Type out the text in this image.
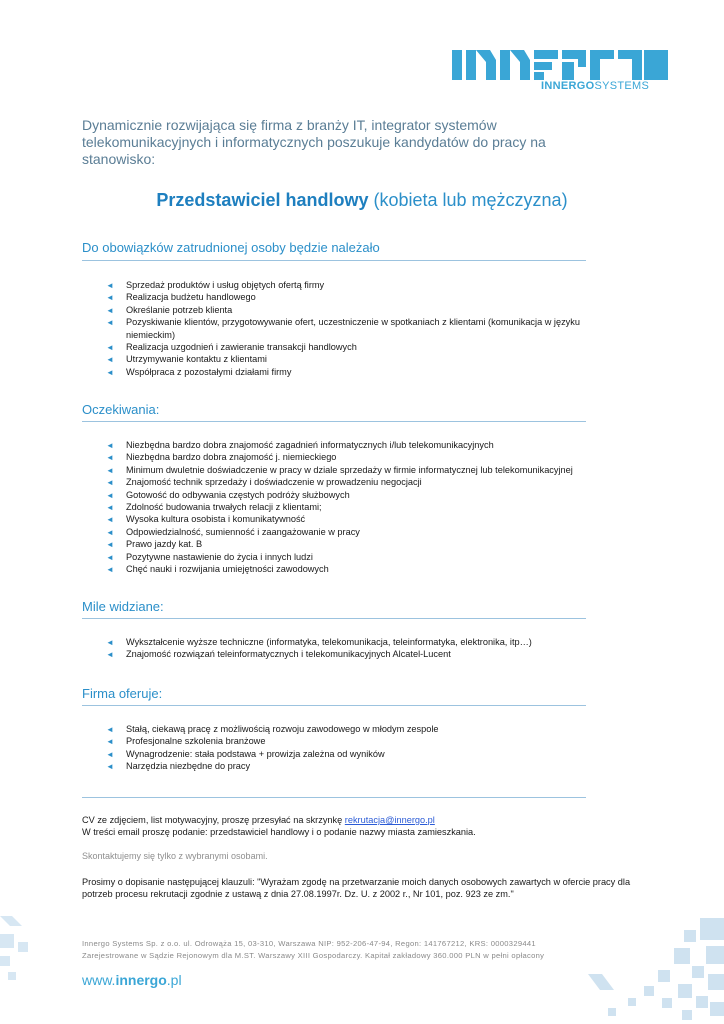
INNERGOSYSTEMS
Dynamicznie rozwijająca się firma z branży IT, integrator systemów telekomunikacyjnych i informatycznych poszukuje kandydatów do pracy na stanowisko:
Przedstawiciel handlowy (kobieta lub mężczyzna)
Do obowiązków zatrudnionej osoby będzie należało
◄ Sprzedaż produktów i usług objętych ofertą firmy
◄ Realizacja budżetu handlowego
◄ Określanie potrzeb klienta
◄ Pozyskiwanie klientów, przygotowywanie ofert, uczestniczenie w spotkaniach z klientami (komunikacja w języku niemieckim)
◄ Realizacja uzgodnień i zawieranie transakcji handlowych
◄ Utrzymywanie kontaktu z klientami
◄ Współpraca z pozostałymi działami firmy
Oczekiwania:
◄ Niezbędna bardzo dobra znajomość zagadnień informatycznych i/lub telekomunikacyjnych
◄ Niezbędna bardzo dobra znajomość j. niemieckiego
◄ Minimum dwuletnie doświadczenie w pracy w dziale sprzedaży w firmie informatycznej lub telekomunikacyjnej
◄ Znajomość technik sprzedaży i doświadczenie w prowadzeniu negocjacji
◄ Gotowość do odbywania częstych podróży służbowych
◄ Zdolność budowania trwałych relacji z klientami;
◄ Wysoka kultura osobista i komunikatywność
◄ Odpowiedzialność, sumienność i zaangażowanie w pracy
◄ Prawo jazdy kat. B
◄ Pozytywne nastawienie do życia i innych ludzi
◄ Chęć nauki i rozwijania umiejętności zawodowych
Mile widziane:
◄ Wykształcenie wyższe techniczne (informatyka, telekomunikacja, teleinformatyka, elektronika, itp…)
◄ Znajomość rozwiązań teleinformatycznych i telekomunikacyjnych Alcatel-Lucent
Firma oferuje:
◄ Stałą, ciekawą pracę z możliwością rozwoju zawodowego w młodym zespole
◄ Profesjonalne szkolenia branżowe
◄ Wynagrodzenie: stała podstawa + prowizja zależna od wyników
◄ Narzędzia niezbędne do pracy
CV ze zdjęciem, list motywacyjny, proszę przesyłać na skrzynkę rekrutacja@innergo.pl
W treści email proszę podanie: przedstawiciel handlowy i o podanie nazwy miasta zamieszkania.
Skontaktujemy się tylko z wybranymi osobami.
Prosimy o dopisanie następującej klauzuli: "Wyrażam zgodę na przetwarzanie moich danych osobowych zawartych w ofercie pracy dla potrzeb procesu rekrutacji zgodnie z ustawą z dnia 27.08.1997r. Dz. U. z 2002 r., Nr 101, poz. 923 ze zm."
Innergo Systems Sp. z o.o. ul. Odrowąża 15, 03-310, Warszawa NIP: 952-206-47-94, Regon: 141767212, KRS: 0000329441
Zarejestrowane w Sądzie Rejonowym dla M.ST. Warszawy XIII Gospodarczy. Kapitał zakładowy 360.000 PLN w pełni opłacony
www.innergo.pl
